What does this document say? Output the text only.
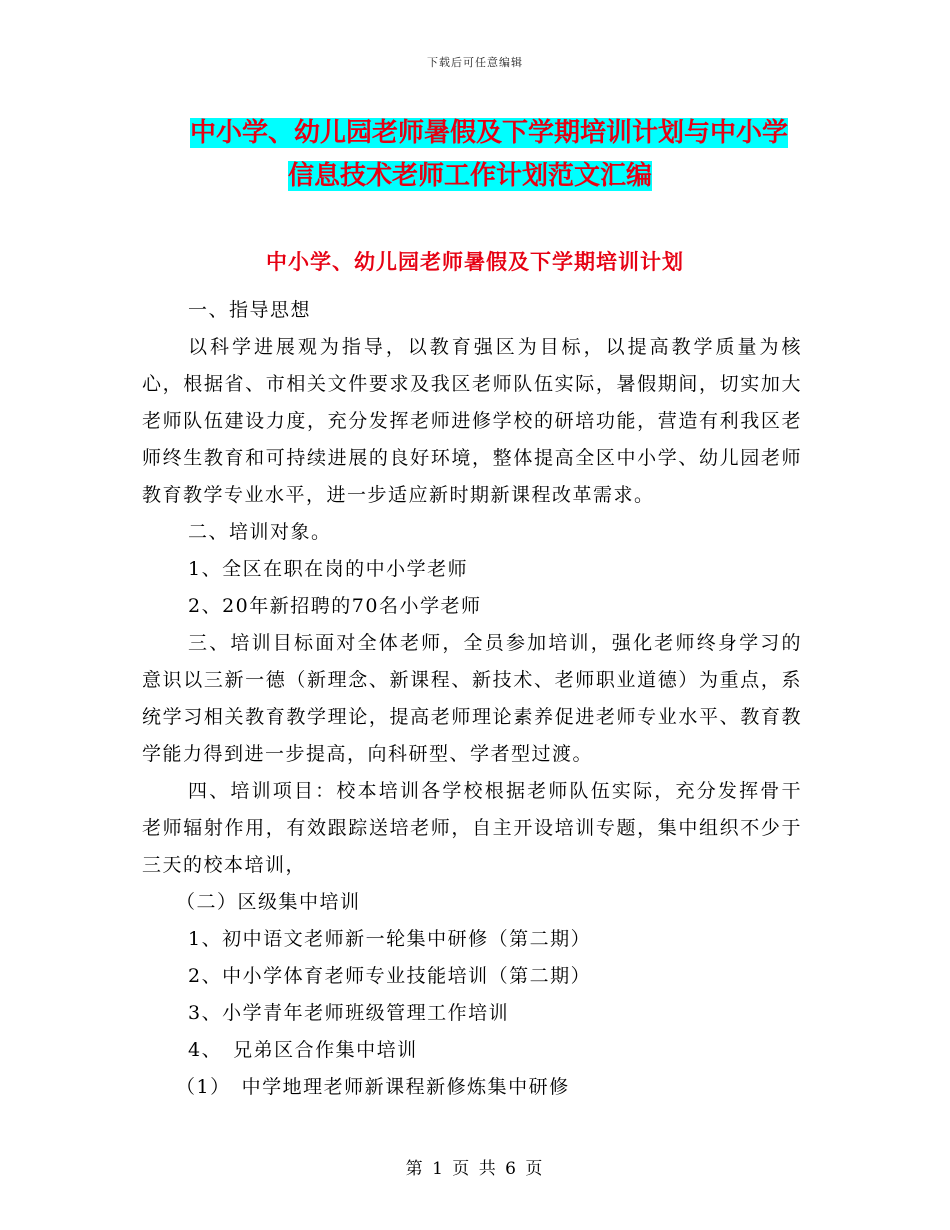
下载后可任意编辑
中小学、幼儿园老师暑假及下学期培训计划与中小学
信息技术老师工作计划范文汇编
中小学、幼儿园老师暑假及下学期培训计划

一、指导思想

以科学进展观为指导，以教育强区为目标，以提高教学质量为核心，根据省、市相关文件要求及我区老师队伍实际，暑假期间，切实加大老师队伍建设力度，充分发挥老师进修学校的研培功能，营造有利我区老师终生教育和可持续进展的良好环境，整体提高全区中小学、幼儿园老师教育教学专业水平，进一步适应新时期新课程改革需求。

二、培训对象。

1、全区在职在岗的中小学老师

2、20年新招聘的70名小学老师

三、培训目标面对全体老师，全员参加培训，强化老师终身学习的意识以三新一德（新理念、新课程、新技术、老师职业道德）为重点，系统学习相关教育教学理论，提高老师理论素养促进老师专业水平、教育教学能力得到进一步提高，向科研型、学者型过渡。

四、培训项目：校本培训各学校根据老师队伍实际，充分发挥骨干老师辐射作用，有效跟踪送培老师，自主开设培训专题，集中组织不少于三天的校本培训，

（二）区级集中培训

1、初中语文老师新一轮集中研修（第二期）

2、中小学体育老师专业技能培训（第二期）

3、小学青年老师班级管理工作培训

4、　兄弟区合作集中培训

（1）　中学地理老师新课程新修炼集中研修

第 1 页 共 6 页
